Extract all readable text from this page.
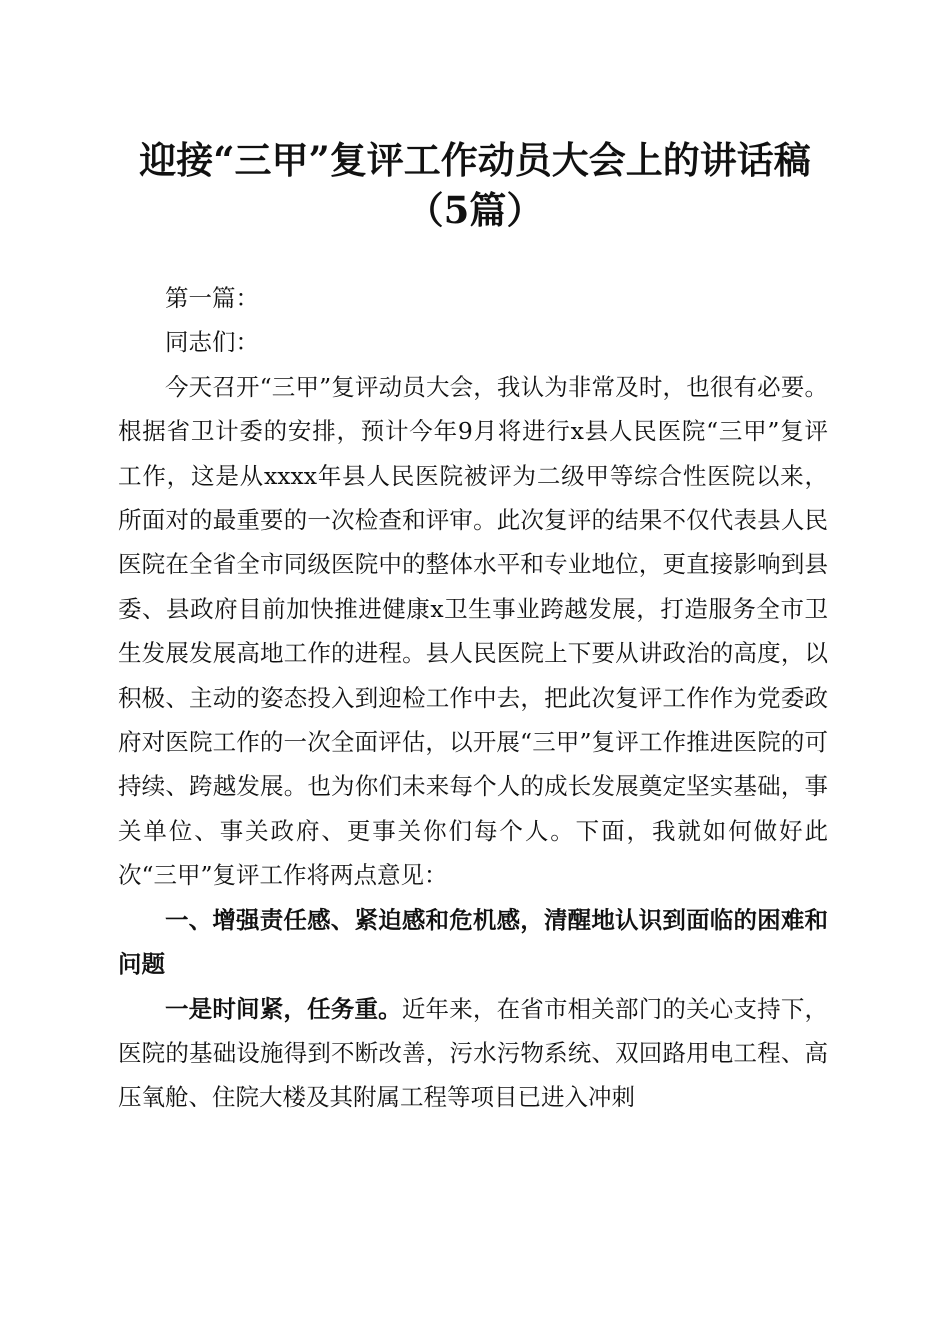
迎接“三甲”复评工作动员大会上的讲话稿
（5篇）

第一篇：

同志们：

今天召开“三甲”复评动员大会，我认为非常及时，也很有必要。根据省卫计委的安排，预计今年9月将进行x县人民医院“三甲”复评工作，这是从xxxx年县人民医院被评为二级甲等综合性医院以来，所面对的最重要的一次检查和评审。此次复评的结果不仅代表县人民医院在全省全市同级医院中的整体水平和专业地位，更直接影响到县委、县政府目前加快推进健康x卫生事业跨越发展，打造服务全市卫生发展发展高地工作的进程。县人民医院上下要从讲政治的高度，以积极、主动的姿态投入到迎检工作中去，把此次复评工作作为党委政府对医院工作的一次全面评估，以开展“三甲”复评工作推进医院的可持续、跨越发展。也为你们未来每个人的成长发展奠定坚实基础，事关单位、事关政府、更事关你们每个人。下面，我就如何做好此次“三甲”复评工作将两点意见：

一、增强责任感、紧迫感和危机感，清醒地认识到面临的困难和问题

一是时间紧，任务重。近年来，在省市相关部门的关心支持下，医院的基础设施得到不断改善，污水污物系统、双回路用电工程、高压氧舱、住院大楼及其附属工程等项目已进入冲刺
